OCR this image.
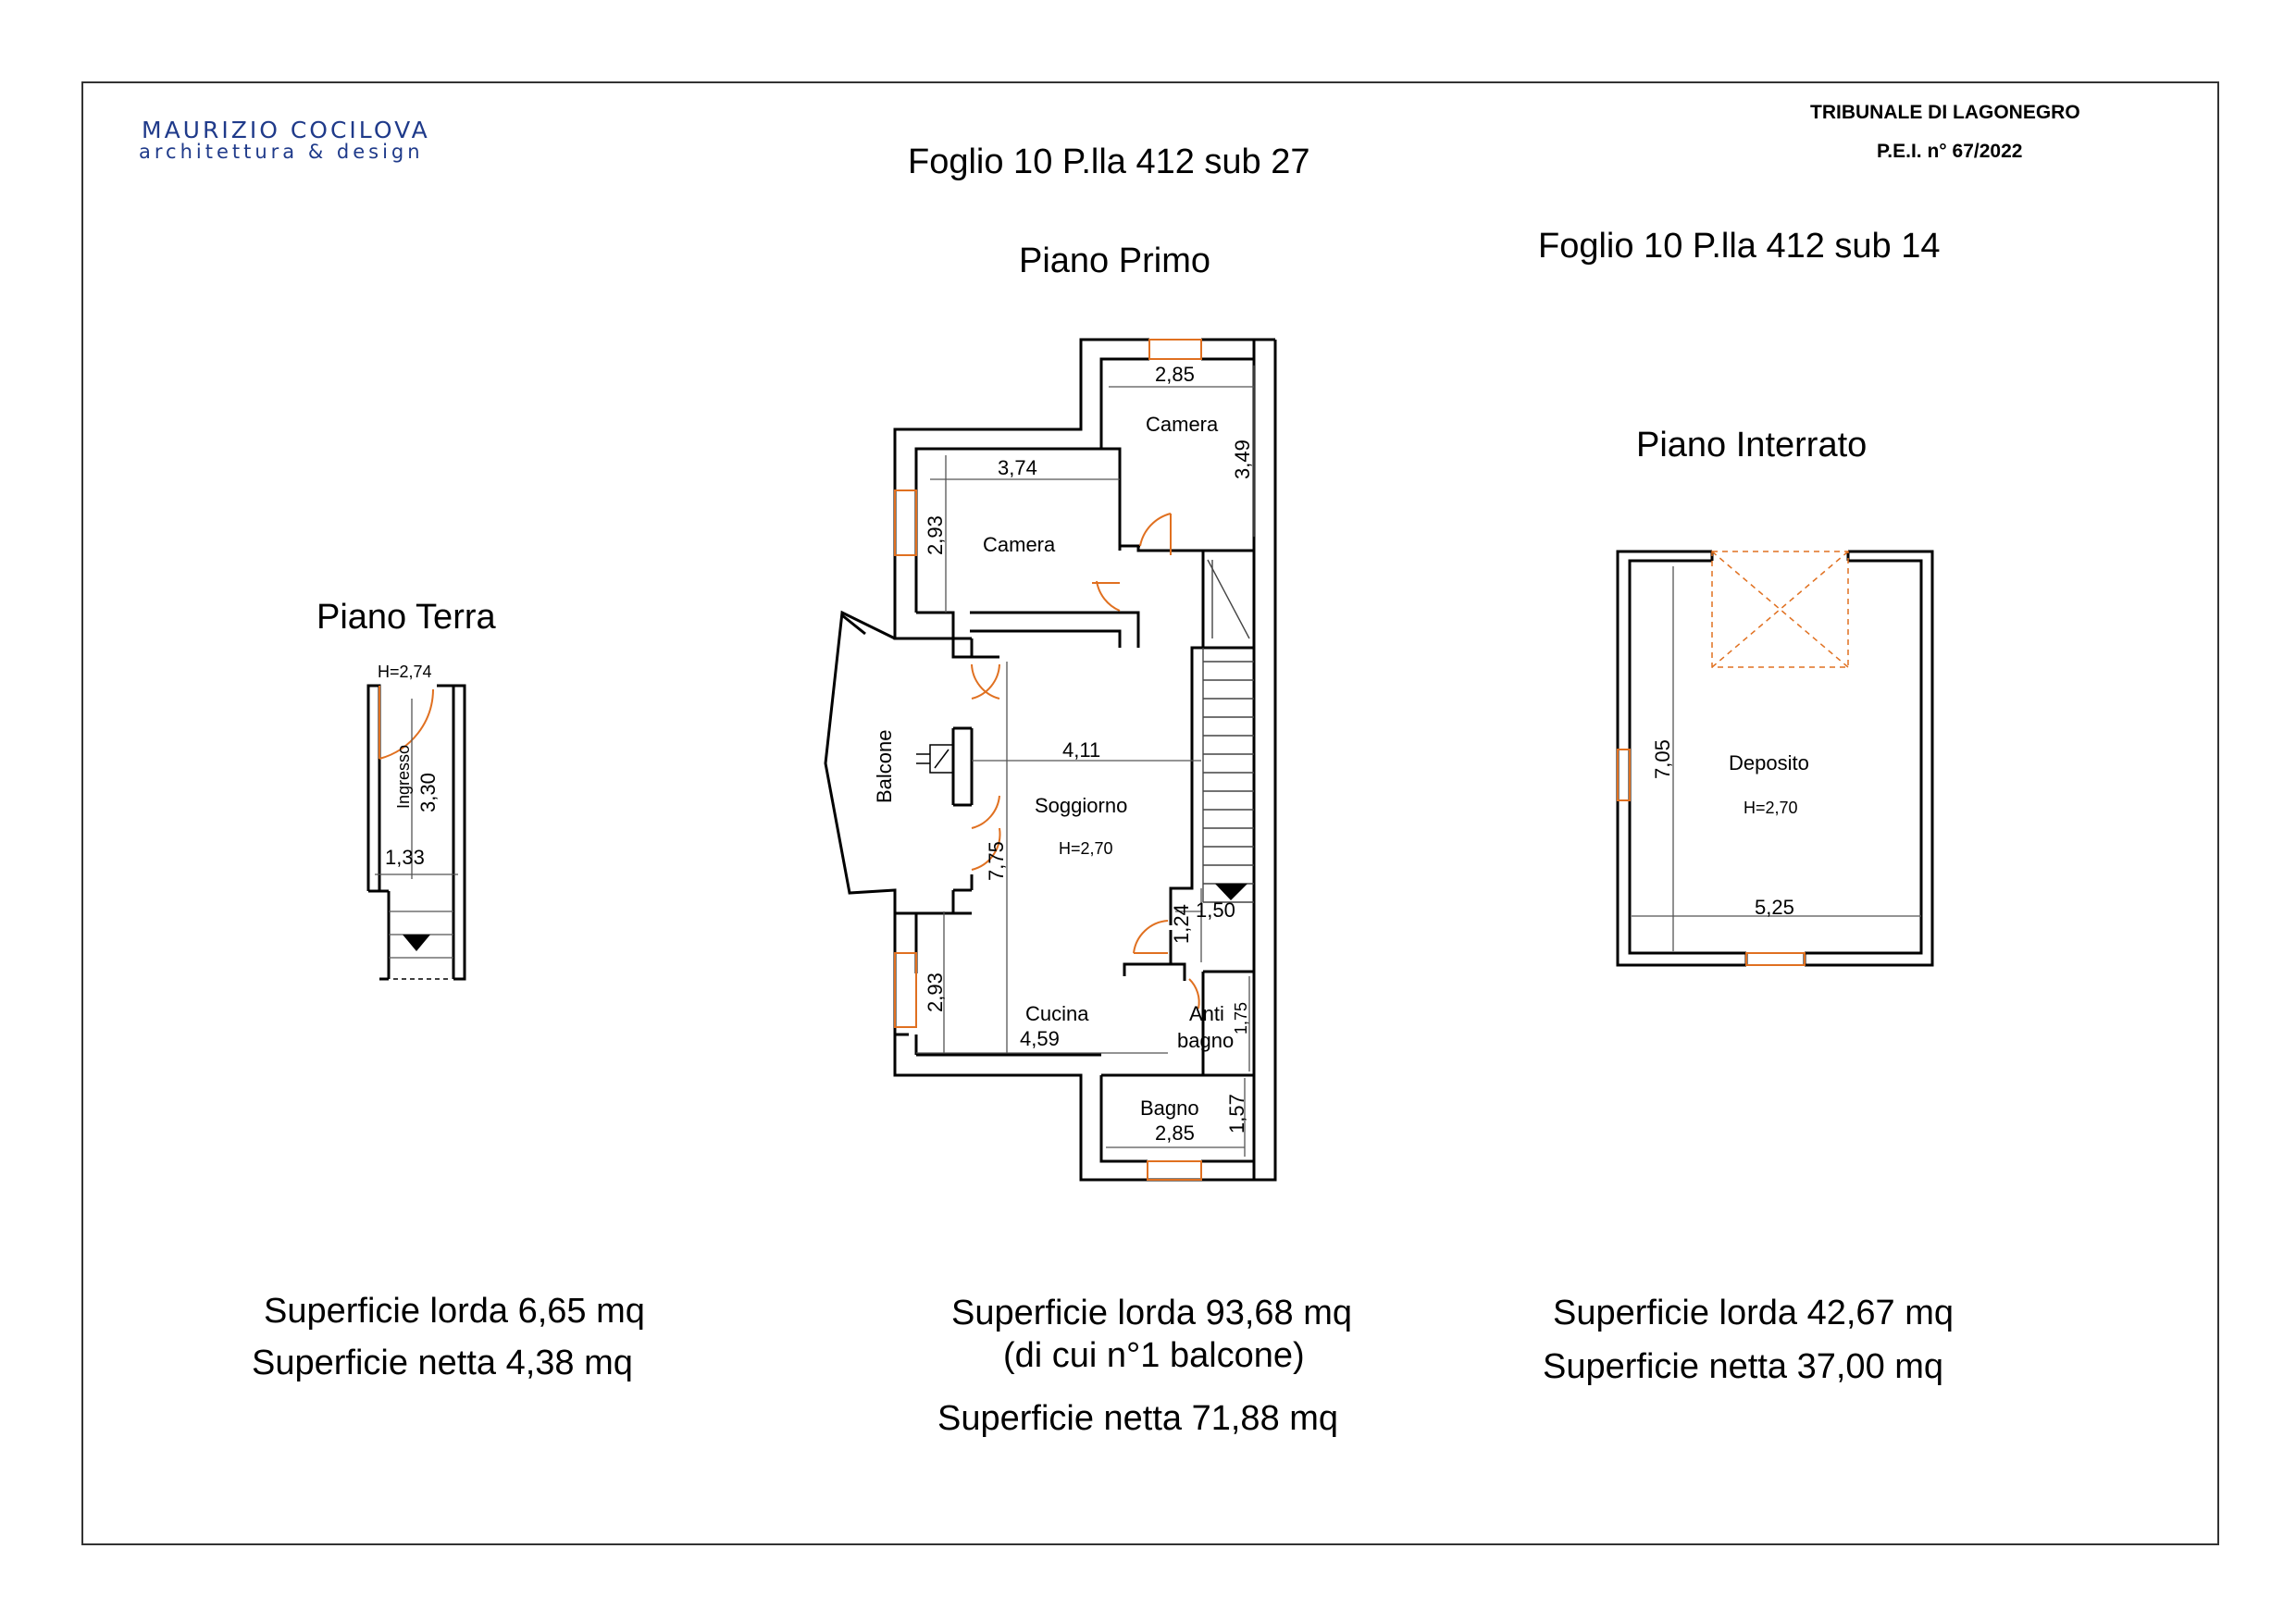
MAURIZIO COCILOVA
architettura & design
TRIBUNALE DI LAGONEGRO
P.E.I. n° 67/2022
Foglio 10 P.lla 412 sub 27
Piano Primo	Foglio 10 P.lla 412 sub 14
Piano Interrato
Piano Terra
H=2,74
Ingresso 3,30
1,33
2,85
Camera
3,49
3,74
2,93 Camera
Balcone	4,11
Soggiorno
H=2,70
7,75
1,50
1,24
2,93
Cucina
4,59
Anti
bagno
1,75
Bagno
2,85 1,57
7,05	Deposito
H=2,70
5,25
Superficie lorda 6,65 mq
Superficie netta 4,38 mq
Superficie lorda 93,68 mq
(di cui n°1 balcone)
Superficie netta 71,88 mq
Superficie lorda 42,67 mq
Superficie netta 37,00 mq
